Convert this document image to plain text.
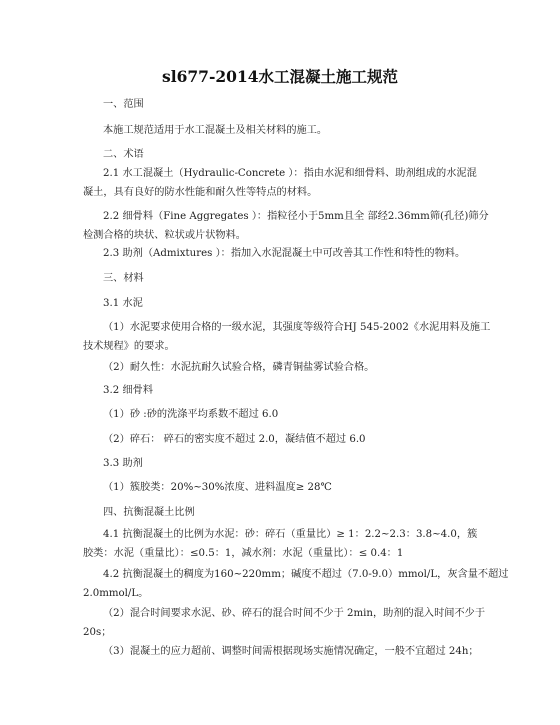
sl677-2014水工混凝土施工规范
一、范围
本施工规范适用于水工混凝土及相关材料的施工。
二、术语
2.1 水工混凝土（Hydraulic-Concrete ）：指由水泥和细骨料、助剂组成的水泥混
凝土，具有良好的防水性能和耐久性等特点的材料。
2.2 细骨料（Fine Aggregates ）：指粒径小于5mm且全 部经2.36mm筛(孔径)筛分
检测合格的块状、粒状或片状物料。
2.3 助剂（Admixtures ）：指加入水泥混凝土中可改善其工作性和特性的物料。
三、材料
3.1 水泥
（1）水泥要求使用合格的一级水泥，其强度等级符合HJ 545-2002《水泥用料及施工
技术规程》的要求。
（2）耐久性：水泥抗耐久试验合格，磷青铜盐雾试验合格。
3.2 细骨料
（1）砂 :砂的洗涤平均系数不超过 6.0
（2）碎石： 碎石的密实度不超过 2.0，凝结值不超过 6.0
3.3 助剂
（1）簇胶类：20%~30%浓度、进料温度≥ 28℃
四、抗衡混凝土比例
4.1 抗衡混凝土的比例为水泥：砂：碎石（重量比）≥ 1：2.2~2.3：3.8~4.0，簇
胶类：水泥（重量比）：≤0.5：1，减水剂：水泥（重量比）：≤ 0.4：1
4.2 抗衡混凝土的稠度为160~220mm；碱度不超过（7.0-9.0）mmol/L，灰含量不超过
2.0mmol/L。
（2）混合时间要求水泥、砂、碎石的混合时间不少于 2min，助剂的混入时间不少于
20s；
（3）混凝土的应力超前、调整时间需根据现场实施情况确定，一般不宜超过 24h；
